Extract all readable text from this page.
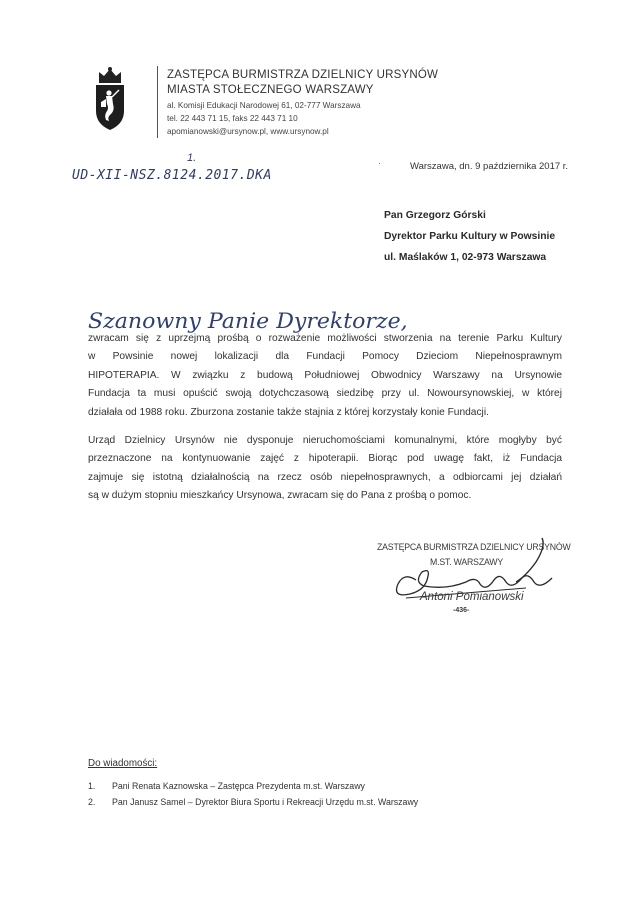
ZASTĘPCA BURMISTRZA DZIELNICY URSYNÓW
MIASTA STOŁECZNEGO WARSZAWY
al. Komisji Edukacji Narodowej 61, 02-777 Warszawa
tel. 22 443 71 15, faks 22 443 71 10
apomianowski@ursynow.pl, www.ursynow.pl
1.
UD-XII-NSZ.8124.2017.DKA
·	Warszawa, dn. 9 października 2017 r.
Pan Grzegorz Górski
Dyrektor Parku Kultury w Powsinie
ul. Maślaków 1, 02-973 Warszawa
Szanowny Panie Dyrektorze,
zwracam się z uprzejmą prośbą o rozważenie możliwości stworzenia na terenie Parku Kultury
w Powsinie nowej lokalizacji dla Fundacji Pomocy Dzieciom Niepełnosprawnym
HIPOTERAPIA. W związku z budową Południowej Obwodnicy Warszawy na Ursynowie
Fundacja ta musi opuścić swoją dotychczasową siedzibę przy ul. Nowoursynowskiej, w której
działała od 1988 roku. Zburzona zostanie także stajnia z której korzystały konie Fundacji.
Urząd Dzielnicy Ursynów nie dysponuje nieruchomościami komunalnymi, które mogłyby być
przeznaczone na kontynuowanie zajęć z hipoterapii. Biorąc pod uwagę fakt, iż Fundacja
zajmuje się istotną działalnością na rzecz osób niepełnosprawnych, a odbiorcami jej działań
są w dużym stopniu mieszkańcy Ursynowa, zwracam się do Pana z prośbą o pomoc.
ZASTĘPCA BURMISTRZA DZIELNICY URSYNÓW
M.ST. WARSZAWY
Antoni Pomianowski
-436-
Do wiadomości:
1. Pani Renata Kaznowska – Zastępca Prezydenta m.st. Warszawy
2. Pan Janusz Samel – Dyrektor Biura Sportu i Rekreacji Urzędu m.st. Warszawy
